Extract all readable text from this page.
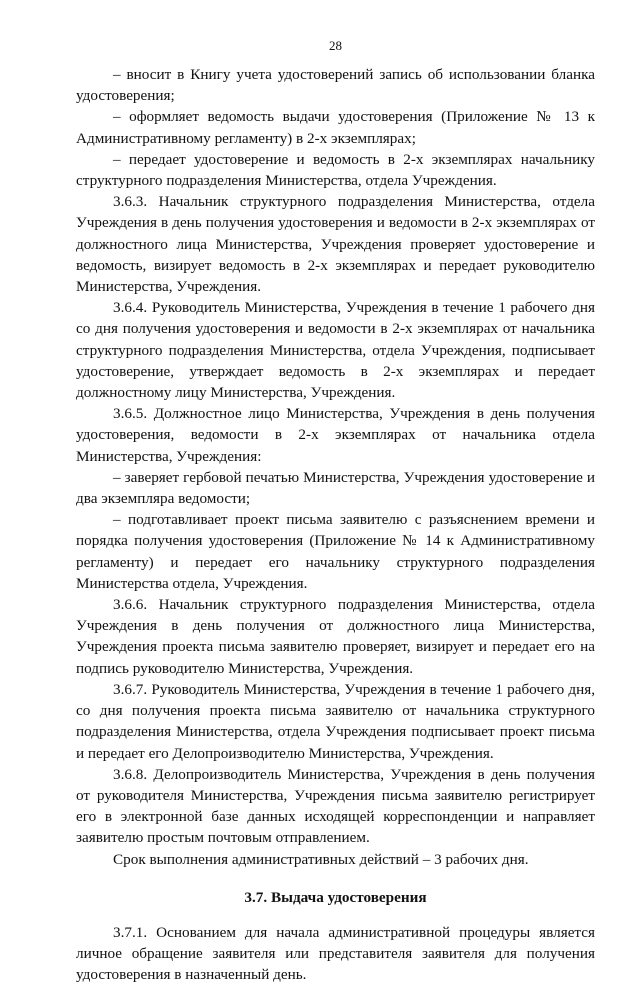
28

– вносит в Книгу учета удостоверений запись об использовании бланка удостоверения;

– оформляет ведомость выдачи удостоверения (Приложение № 13 к Административному регламенту) в 2-х экземплярах;

– передает удостоверение и ведомость в 2-х экземплярах начальнику структурного подразделения Министерства, отдела Учреждения.

3.6.3. Начальник структурного подразделения Министерства, отдела Учреждения в день получения удостоверения и ведомости в 2-х экземплярах от должностного лица Министерства, Учреждения проверяет удостоверение и ведомость, визирует ведомость в 2-х экземплярах и передает руководителю Министерства, Учреждения.

3.6.4. Руководитель Министерства, Учреждения в течение 1 рабочего дня со дня получения удостоверения и ведомости в 2-х экземплярах от начальника структурного подразделения Министерства, отдела Учреждения, подписывает удостоверение, утверждает ведомость в 2-х экземплярах и передает должностному лицу Министерства, Учреждения.

3.6.5. Должностное лицо Министерства, Учреждения в день получения удостоверения, ведомости в 2-х экземплярах от начальника отдела Министерства, Учреждения:

– заверяет гербовой печатью Министерства, Учреждения удостоверение и два экземпляра ведомости;

– подготавливает проект письма заявителю с разъяснением времени и порядка получения удостоверения (Приложение № 14 к Административному регламенту) и передает его начальнику структурного подразделения Министерства отдела, Учреждения.

3.6.6. Начальник структурного подразделения Министерства, отдела Учреждения в день получения от должностного лица Министерства, Учреждения проекта письма заявителю проверяет, визирует и передает его на подпись руководителю Министерства, Учреждения.

3.6.7. Руководитель Министерства, Учреждения в течение 1 рабочего дня, со дня получения проекта письма заявителю от начальника структурного подразделения Министерства, отдела Учреждения подписывает проект письма и передает его Делопроизводителю Министерства, Учреждения.

3.6.8. Делопроизводитель Министерства, Учреждения в день получения от руководителя Министерства, Учреждения письма заявителю регистрирует его в электронной базе данных исходящей корреспонденции и направляет заявителю простым почтовым отправлением.

Срок выполнения административных действий – 3 рабочих дня.

3.7. Выдача удостоверения

3.7.1. Основанием для начала административной процедуры является личное обращение заявителя или представителя заявителя для получения удостоверения в назначенный день.
